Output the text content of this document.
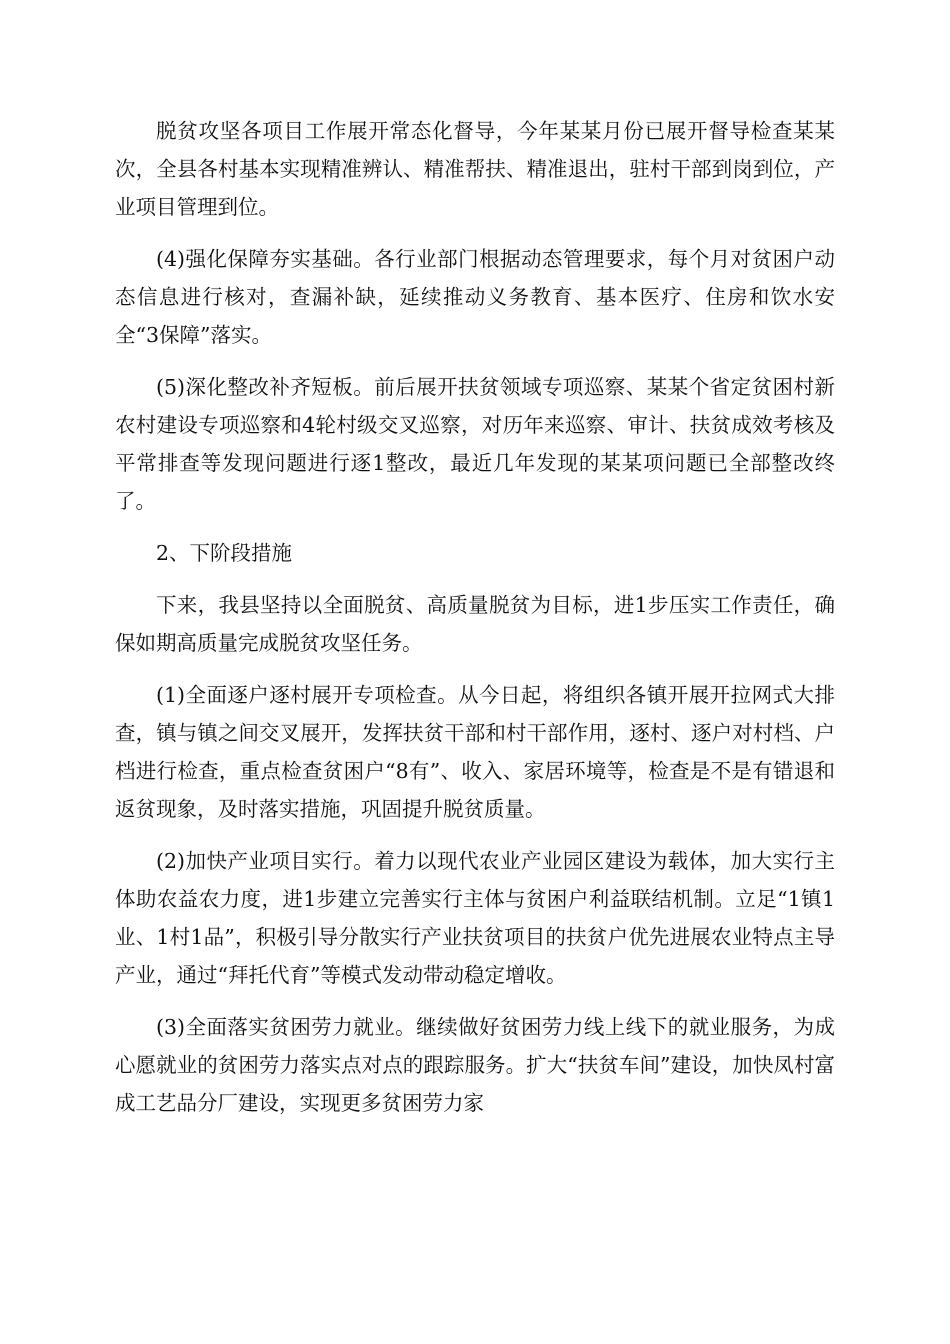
脱贫攻坚各项目工作展开常态化督导，今年某某月份已展开督导检查某某次，全县各村基本实现精准辨认、精准帮扶、精准退出，驻村干部到岗到位，产业项目管理到位。

(4)强化保障夯实基础。各行业部门根据动态管理要求，每个月对贫困户动态信息进行核对，查漏补缺，延续推动义务教育、基本医疗、住房和饮水安全“3保障”落实。

(5)深化整改补齐短板。前后展开扶贫领域专项巡察、某某个省定贫困村新农村建设专项巡察和4轮村级交叉巡察，对历年来巡察、审计、扶贫成效考核及平常排查等发现问题进行逐1整改，最近几年发现的某某项问题已全部整改终了。

2、下阶段措施

下来，我县坚持以全面脱贫、高质量脱贫为目标，进1步压实工作责任，确保如期高质量完成脱贫攻坚任务。

(1)全面逐户逐村展开专项检查。从今日起，将组织各镇开展开拉网式大排查，镇与镇之间交叉展开，发挥扶贫干部和村干部作用，逐村、逐户对村档、户档进行检查，重点检查贫困户“8有”、收入、家居环境等，检查是不是有错退和返贫现象，及时落实措施，巩固提升脱贫质量。

(2)加快产业项目实行。着力以现代农业产业园区建设为载体，加大实行主体助农益农力度，进1步建立完善实行主体与贫困户利益联结机制。立足“1镇1业、1村1品”，积极引导分散实行产业扶贫项目的扶贫户优先进展农业特点主导产业，通过“拜托代育”等模式发动带动稳定增收。

(3)全面落实贫困劳力就业。继续做好贫困劳力线上线下的就业服务，为成心愿就业的贫困劳力落实点对点的跟踪服务。扩大“扶贫车间”建设，加快凤村富成工艺品分厂建设，实现更多贫困劳力家
